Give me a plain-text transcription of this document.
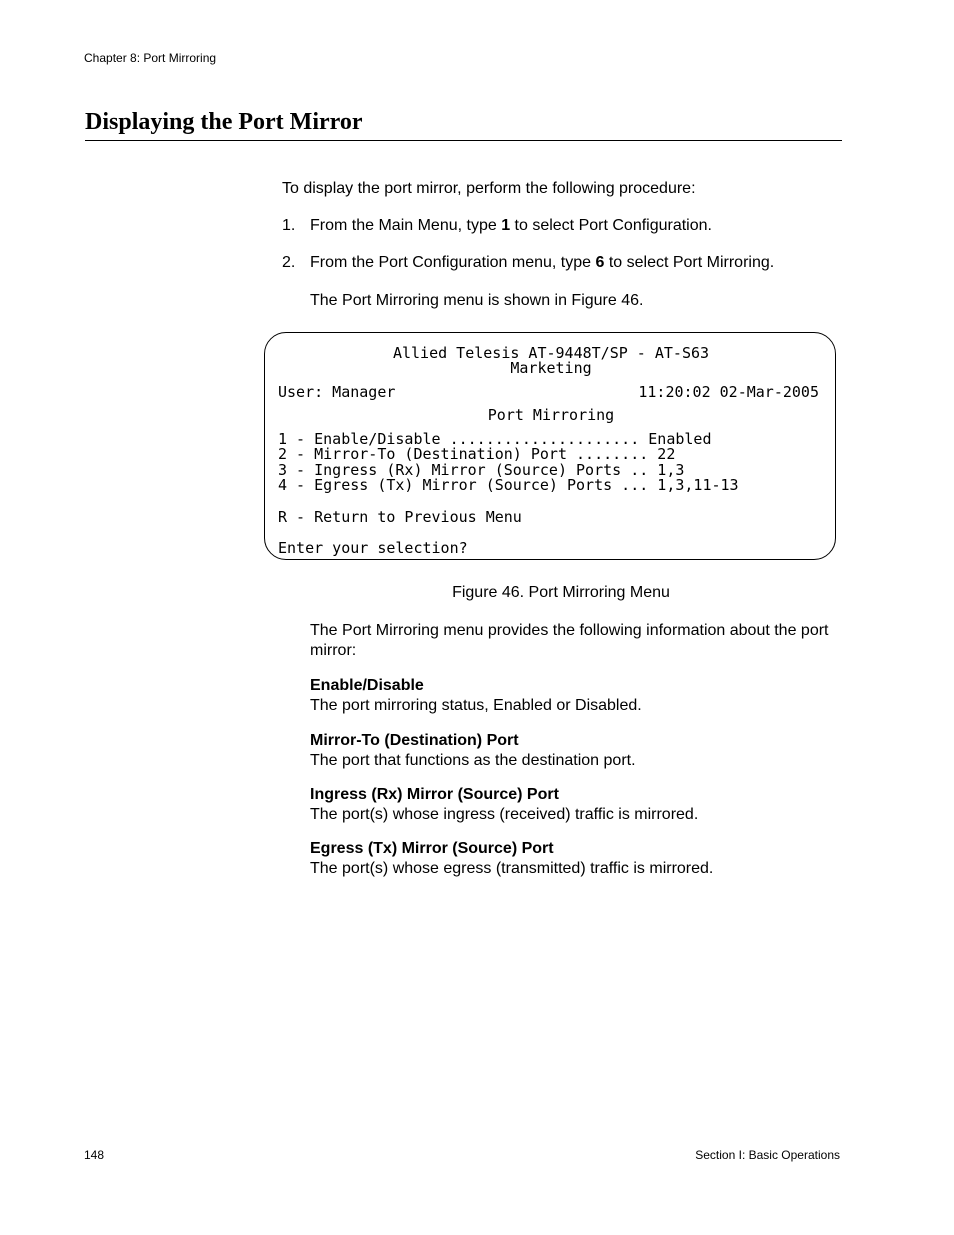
Chapter 8: Port Mirroring
Displaying the Port Mirror
To display the port mirror, perform the following procedure:
1. From the Main Menu, type 1 to select Port Configuration.
2. From the Port Configuration menu, type 6 to select Port Mirroring.
The Port Mirroring menu is shown in Figure 46.
Allied Telesis AT-9448T/SP - AT-S63
Marketing
User: Manager	11:20:02 02-Mar-2005
Port Mirroring
1 - Enable/Disable ..................... Enabled
2 - Mirror-To (Destination) Port ........ 22
3 - Ingress (Rx) Mirror (Source) Ports .. 1,3
4 - Egress (Tx) Mirror (Source) Ports ... 1,3,11-13
R - Return to Previous Menu
Enter your selection?
Figure 46. Port Mirroring Menu
The Port Mirroring menu provides the following information about the port mirror:
Enable/Disable
The port mirroring status, Enabled or Disabled.
Mirror-To (Destination) Port
The port that functions as the destination port.
Ingress (Rx) Mirror (Source) Port
The port(s) whose ingress (received) traffic is mirrored.
Egress (Tx) Mirror (Source) Port
The port(s) whose egress (transmitted) traffic is mirrored.
148	Section I: Basic Operations
